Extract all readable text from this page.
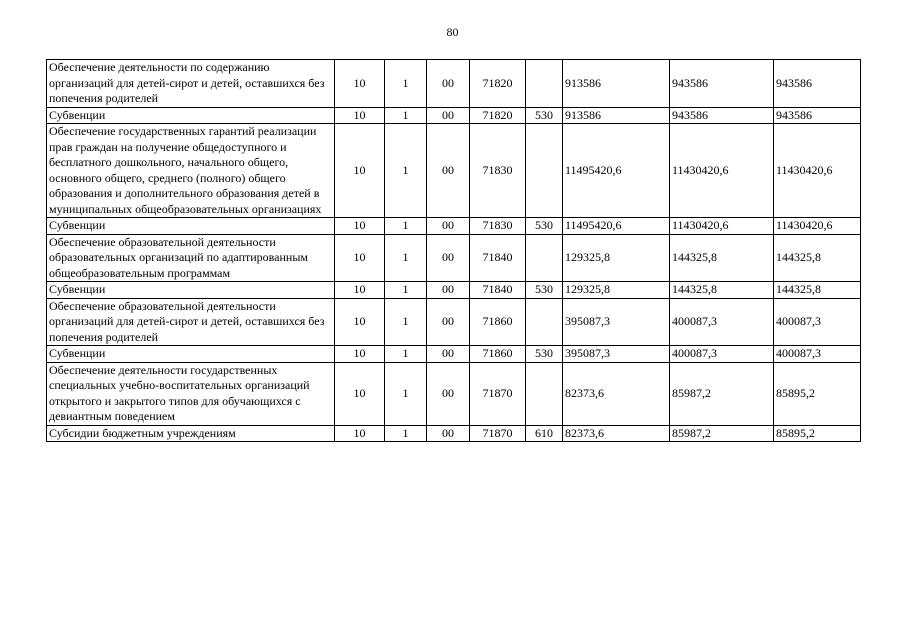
80
Обеспечение деятельности по содержанию организаций для детей-сирот и детей, оставшихся без попечения родителей	10	1	00	71820		913586	943586	943586
Субвенции	10	1	00	71820	530	913586	943586	943586
Обеспечение государственных гарантий реализации прав граждан на получение общедоступного и бесплатного дошкольного, начального общего, основного общего, среднего (полного) общего образования и дополнительного образования детей в муниципальных общеобразовательных организациях	10	1	00	71830		11495420,6	11430420,6	11430420,6
Субвенции	10	1	00	71830	530	11495420,6	11430420,6	11430420,6
Обеспечение образовательной деятельности образовательных организаций по адаптированным общеобразовательным программам	10	1	00	71840		129325,8	144325,8	144325,8
Субвенции	10	1	00	71840	530	129325,8	144325,8	144325,8
Обеспечение образовательной деятельности организаций для детей-сирот и детей, оставшихся без попечения родителей	10	1	00	71860		395087,3	400087,3	400087,3
Субвенции	10	1	00	71860	530	395087,3	400087,3	400087,3
Обеспечение деятельности государственных специальных учебно-воспитательных организаций открытого и закрытого типов для обучающихся с девиантным поведением	10	1	00	71870		82373,6	85987,2	85895,2
Субсидии бюджетным учреждениям	10	1	00	71870	610	82373,6	85987,2	85895,2
